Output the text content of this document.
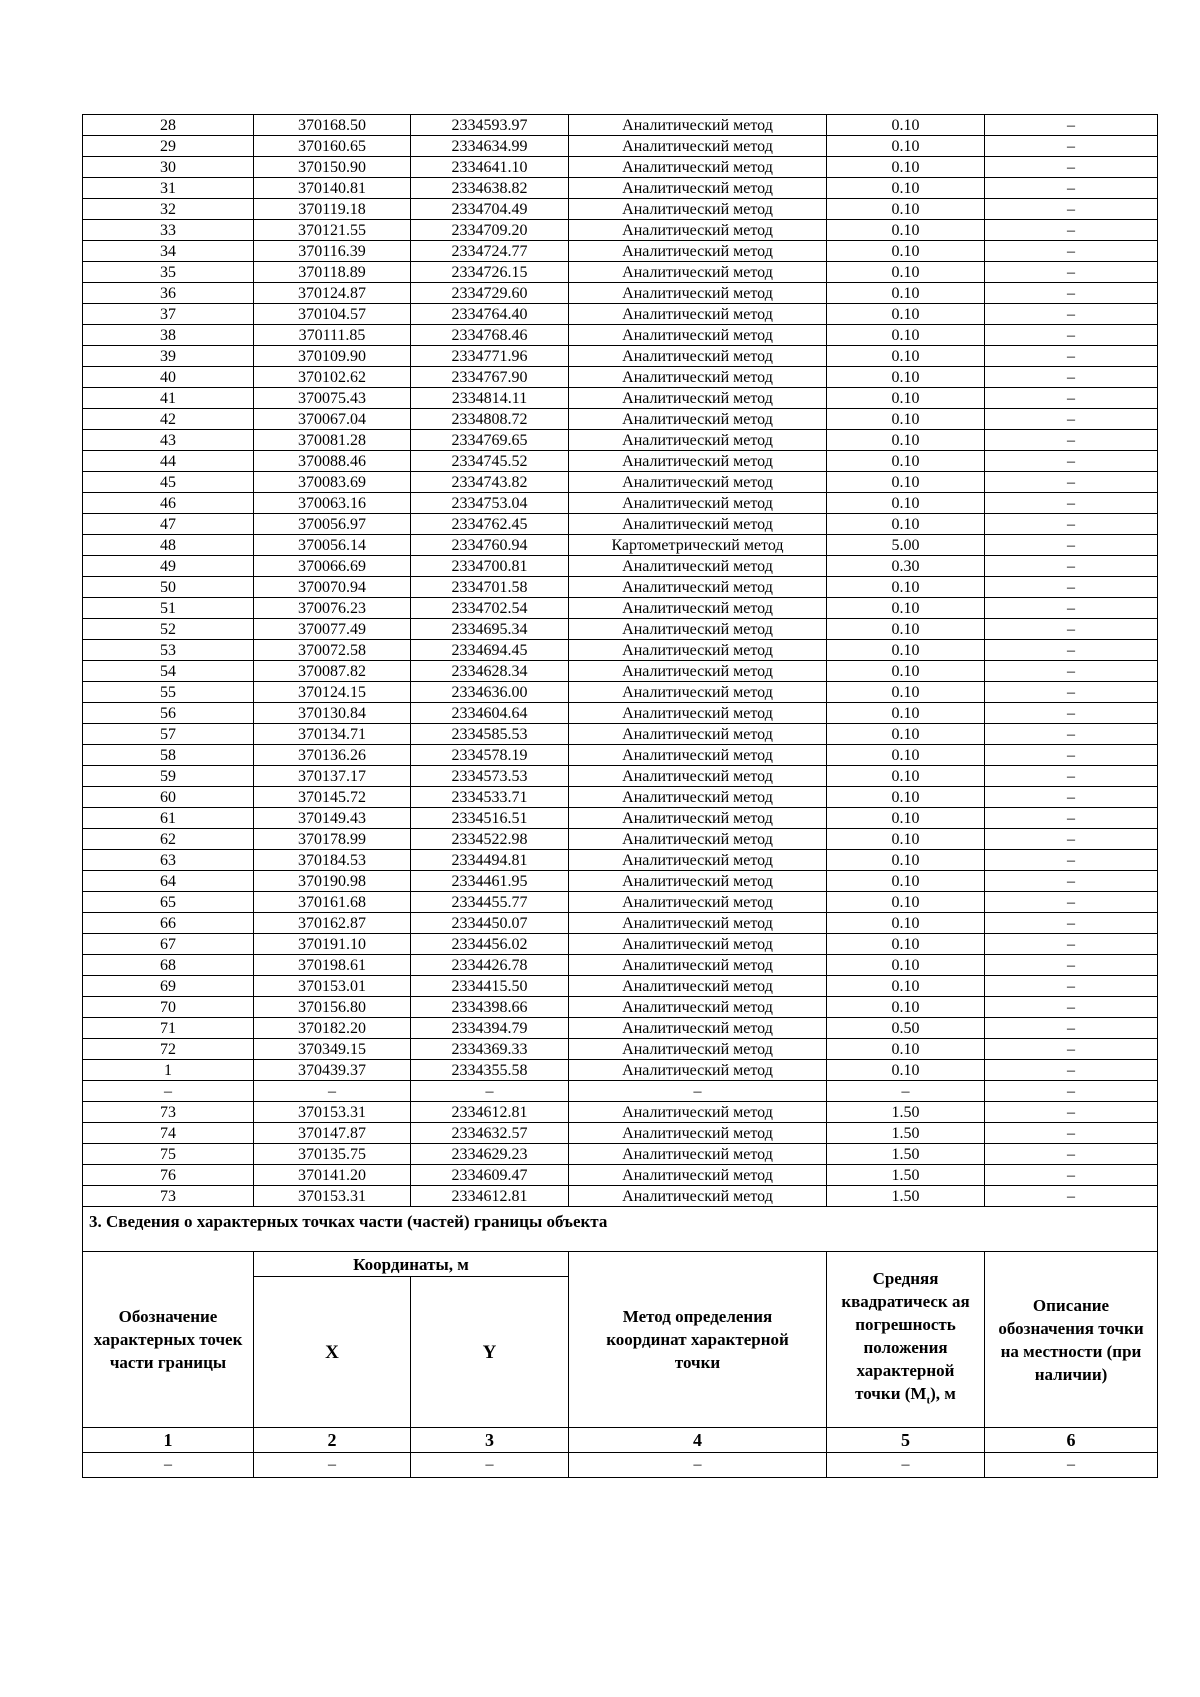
28	370168.50	2334593.97	Аналитический метод	0.10	–
29	370160.65	2334634.99	Аналитический метод	0.10	–
30	370150.90	2334641.10	Аналитический метод	0.10	–
31	370140.81	2334638.82	Аналитический метод	0.10	–
32	370119.18	2334704.49	Аналитический метод	0.10	–
33	370121.55	2334709.20	Аналитический метод	0.10	–
34	370116.39	2334724.77	Аналитический метод	0.10	–
35	370118.89	2334726.15	Аналитический метод	0.10	–
36	370124.87	2334729.60	Аналитический метод	0.10	–
37	370104.57	2334764.40	Аналитический метод	0.10	–
38	370111.85	2334768.46	Аналитический метод	0.10	–
39	370109.90	2334771.96	Аналитический метод	0.10	–
40	370102.62	2334767.90	Аналитический метод	0.10	–
41	370075.43	2334814.11	Аналитический метод	0.10	–
42	370067.04	2334808.72	Аналитический метод	0.10	–
43	370081.28	2334769.65	Аналитический метод	0.10	–
44	370088.46	2334745.52	Аналитический метод	0.10	–
45	370083.69	2334743.82	Аналитический метод	0.10	–
46	370063.16	2334753.04	Аналитический метод	0.10	–
47	370056.97	2334762.45	Аналитический метод	0.10	–
48	370056.14	2334760.94	Картометрический метод	5.00	–
49	370066.69	2334700.81	Аналитический метод	0.30	–
50	370070.94	2334701.58	Аналитический метод	0.10	–
51	370076.23	2334702.54	Аналитический метод	0.10	–
52	370077.49	2334695.34	Аналитический метод	0.10	–
53	370072.58	2334694.45	Аналитический метод	0.10	–
54	370087.82	2334628.34	Аналитический метод	0.10	–
55	370124.15	2334636.00	Аналитический метод	0.10	–
56	370130.84	2334604.64	Аналитический метод	0.10	–
57	370134.71	2334585.53	Аналитический метод	0.10	–
58	370136.26	2334578.19	Аналитический метод	0.10	–
59	370137.17	2334573.53	Аналитический метод	0.10	–
60	370145.72	2334533.71	Аналитический метод	0.10	–
61	370149.43	2334516.51	Аналитический метод	0.10	–
62	370178.99	2334522.98	Аналитический метод	0.10	–
63	370184.53	2334494.81	Аналитический метод	0.10	–
64	370190.98	2334461.95	Аналитический метод	0.10	–
65	370161.68	2334455.77	Аналитический метод	0.10	–
66	370162.87	2334450.07	Аналитический метод	0.10	–
67	370191.10	2334456.02	Аналитический метод	0.10	–
68	370198.61	2334426.78	Аналитический метод	0.10	–
69	370153.01	2334415.50	Аналитический метод	0.10	–
70	370156.80	2334398.66	Аналитический метод	0.10	–
71	370182.20	2334394.79	Аналитический метод	0.50	–
72	370349.15	2334369.33	Аналитический метод	0.10	–
1	370439.37	2334355.58	Аналитический метод	0.10	–
–	–	–	–	–	–
73	370153.31	2334612.81	Аналитический метод	1.50	–
74	370147.87	2334632.57	Аналитический метод	1.50	–
75	370135.75	2334629.23	Аналитический метод	1.50	–
76	370141.20	2334609.47	Аналитический метод	1.50	–
73	370153.31	2334612.81	Аналитический метод	1.50	–
3. Сведения о характерных точках части (частей) границы объекта					
Обозначение характерных точек части границы	Координаты, м		Метод определения координат характерной точки	Средняя квадратическ ая погрешность положения характерной точки $(M_t)$, м	Описание обозначения точки на местности (при наличии)
	X	Y			
1	2	3	4	5	6
–	–	–	–	–	–
